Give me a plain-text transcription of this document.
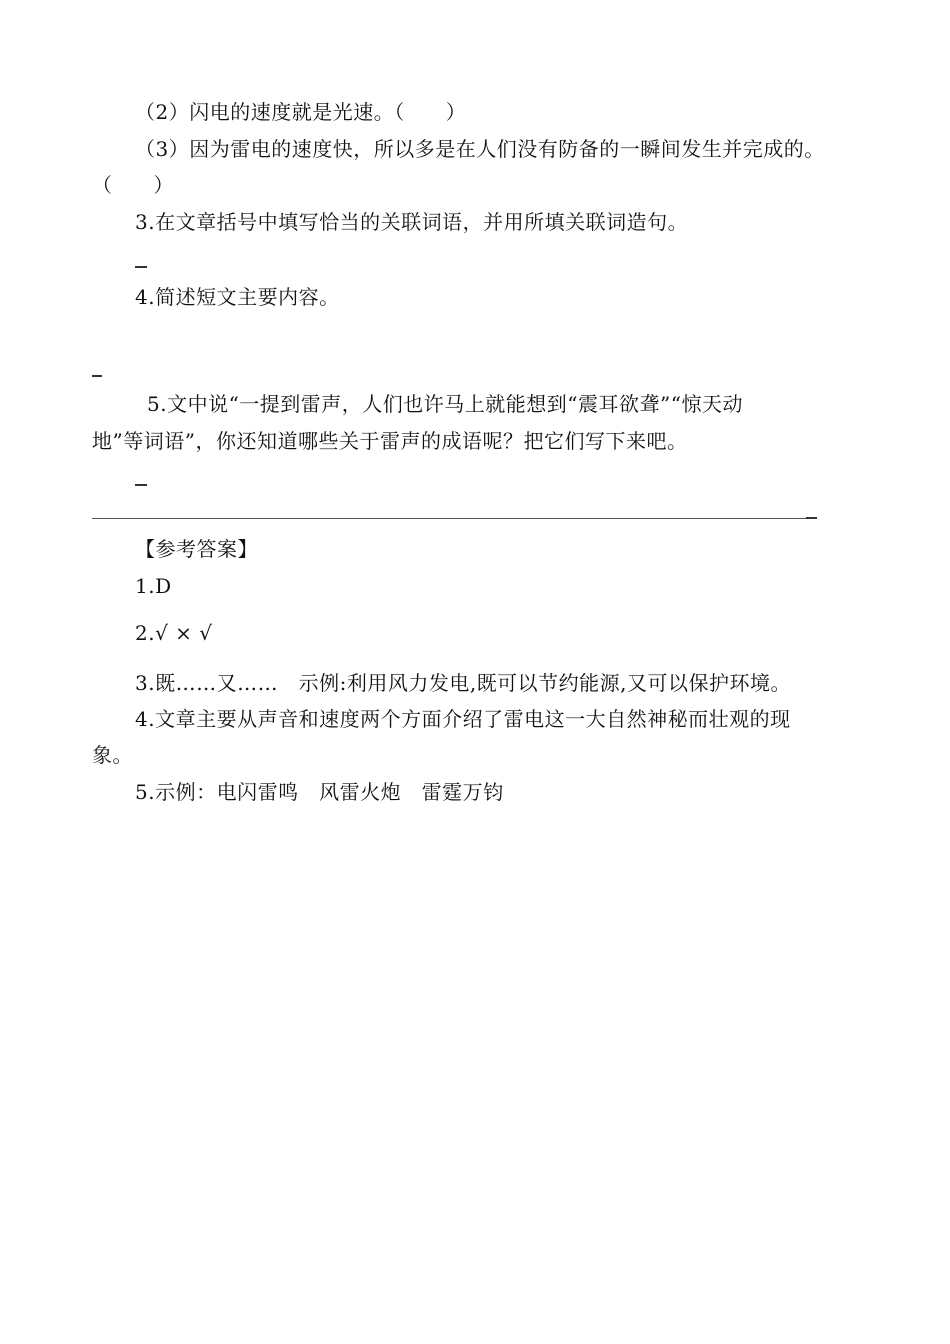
（2）闪电的速度就是光速。（　　）
（3）因为雷电的速度快，所以多是在人们没有防备的一瞬间发生并完成的。
（　　）
3.在文章括号中填写恰当的关联词语，并用所填关联词造句。
4.简述短文主要内容。
5.文中说“一提到雷声，人们也许马上就能想到“震耳欲聋”“惊天动
地”等词语”，你还知道哪些关于雷声的成语呢？把它们写下来吧。
【参考答案】
1.D
2.√ × √
3.既……又……　示例:利用风力发电,既可以节约能源,又可以保护环境。
4.文章主要从声音和速度两个方面介绍了雷电这一大自然神秘而壮观的现
象。
5.示例：电闪雷鸣　风雷火炮　雷霆万钧
